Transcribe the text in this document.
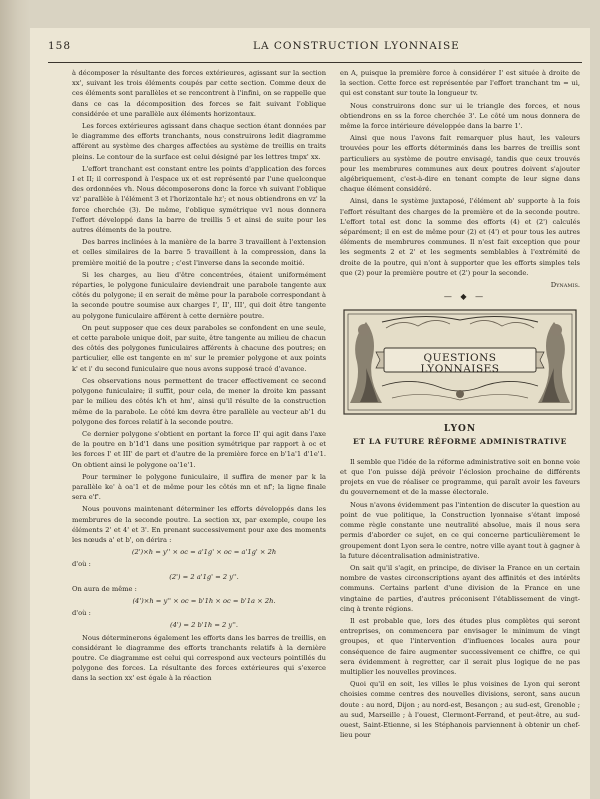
158	LA CONSTRUCTION LYONNAISE

à décomposer la résultante des forces extérieures, agissant sur la section xx', suivant les trois éléments coupés par cette section. Comme deux de ces éléments sont parallèles et se rencontrent à l'infini, on se rappelle que dans ce cas la décomposition des forces se fait suivant l'oblique considérée et une parallèle aux éléments horizontaux.

Les forces extérieures agissant dans chaque section étant données par le diagramme des efforts tranchants, nous construirons ledit diagramme afférent au système des charges affectées au système de treillis en traits pleins. Le contour de la surface est celui désigné par les lettres tmpx' xx.

L'effort tranchant est constant entre les points d'application des forces I et II; il correspond à l'espace ux et est représenté par l'une quelconque des ordonnées vh. Nous décomposerons donc la force vh suivant l'oblique vz' parallèle à l'élément 3 et l'horizontale hz'; et nous obtiendrons en vz' la force cherchée (3). De même, l'oblique symétrique vv1 nous donnera l'effort développé dans la barre de treillis 5 et ainsi de suite pour les autres éléments de la poutre.

Des barres inclinées à la manière de la barre 3 travaillent à l'extension et celles similaires de la barre 5 travaillent à la compression, dans la première moitié de la poutre ; c'est l'inverse dans la seconde moitié.

Si les charges, au lieu d'être concentrées, étaient uniformément réparties, le polygone funiculaire deviendrait une parabole tangente aux côtés du polygone; il en serait de même pour la parabole correspondant à la seconde poutre soumise aux charges I', II', III', qui doit être tangente au polygone funiculaire afférent à cette dernière poutre.

On peut supposer que ces deux paraboles se confondent en une seule, et cette parabole unique doit, par suite, être tangente au milieu de chacun des côtés des polygones funiculaires afférents à chacune des poutres; en particulier, elle est tangente en m' sur le premier polygone et aux points k' et i' du second funiculaire que nous avons supposé tracé d'avance.

Ces observations nous permettent de tracer effectivement ce second polygone funiculaire; il suffit, pour cela, de mener la droite km passant par le milieu des côtés k'h et hm', ainsi qu'il résulte de la construction même de la parabole. Le côté km devra être parallèle au vecteur ab'1 du polygone des forces relatif à la seconde poutre.

Ce dernier polygone s'obtient en portant la force II' qui agit dans l'axe de la poutre en b'1d'1 dans une position symétrique par rapport à oc et les forces I' et III' de part et d'autre de la première force en b'1a'1 d'1e'1. On obtient ainsi le polygone oa'1e'1.

Pour terminer le polygone funiculaire, il suffira de mener par k la parallèle ke' à oa'1 et de même pour les côtés mn et nf'; la ligne finale sera e'f'.

Nous pouvons maintenant déterminer les efforts développés dans les membrures de la seconde poutre. La section xx, par exemple, coupe les éléments 2' et 4' et 3'. En prenant successivement pour axe des moments les nœuds a' et b', on dérira :

(2')×h = y'' × oc = a'1g' × oc = a'1g' × 2h

d'où :

(2') = 2 a'1g' = 2 y''.

On aura de même :

(4')×h = y'' × oc = b'1h × oc = b'1a × 2h.

d'où :

(4') = 2 b'1h = 2 y''.

Nous déterminerons également les efforts dans les barres de treillis, en considérant le diagramme des efforts tranchants relatifs à la dernière poutre. Ce diagramme est celui qui correspond aux vecteurs pointillés du polygone des forces. La résultante des forces extérieures qui s'exerce dans la section xx' est égale à la réaction

en A, puisque la première force à considérer I' est située à droite de la section. Cette force est représentée par l'effort tranchant tm = ui, qui est constant sur toute la longueur tv.

Nous construirons donc sur ui le triangle des forces, et nous obtiendrons en ss la force cherchée 3'. Le côté um nous donnera de même la force intérieure développée dans la barre 1'.

Ainsi que nous l'avons fait remarquer plus haut, les valeurs trouvées pour les efforts déterminés dans les barres de treillis sont particuliers au système de poutre envisagé, tandis que ceux trouvés pour les membrures communes aux deux poutres doivent s'ajouter algébriquement, c'est-à-dire en tenant compte de leur signe dans chaque élément considéré.

Ainsi, dans le système juxtaposé, l'élément ab' supporte à la fois l'effort résultant des charges de la première et de la seconde poutre. L'effort total est donc la somme des efforts (4) et (2') calculés séparément; il en est de même pour (2) et (4') et pour tous les autres éléments de membrures communes. Il n'est fait exception que pour les segments 2 et 2' et les segments semblables à l'extrémité de droite de la poutre, qui n'ont à supporter que les efforts simples tels que (2) pour la première poutre et (2') pour la seconde.

Dynamis.

— ◆ —

QUESTIONS LYONNAISES
LYON
ET LA FUTURE RÉFORME ADMINISTRATIVE

Il semble que l'idée de la réforme administrative soit en bonne voie et que l'on puisse déjà prévoir l'éclosion prochaine de différents projets en vue de réaliser ce programme, qui paraît avoir les faveurs du gouvernement et de la masse électorale.

Nous n'avons évidemment pas l'intention de discuter la question au point de vue politique, la Construction lyonnaise s'étant imposé comme règle constante une neutralité absolue, mais il nous sera permis d'aborder ce sujet, en ce qui concerne particulièrement le groupement dont Lyon sera le centre, notre ville ayant tout à gagner à la future décentralisation administrative.

On sait qu'il s'agit, en principe, de diviser la France en un certain nombre de vastes circonscriptions ayant des affinités et des intérêts communs. Certains parlent d'une division de la France en une vingtaine de parties, d'autres préconisent l'établissement de vingt-cinq à trente régions.

Il est probable que, lors des études plus complètes qui seront entreprises, on commencera par envisager le minimum de vingt groupes, et que l'intervention d'influences locales aura pour conséquence de faire augmenter successivement ce chiffre, ce qui sera évidemment à regretter, car il serait plus logique de ne pas multiplier les nouvelles provinces.

Quoi qu'il en soit, les villes le plus voisines de Lyon qui seront choisies comme centres des nouvelles divisions, seront, sans aucun doute : au nord, Dijon ; au nord-est, Besançon ; au sud-est, Grenoble ; au sud, Marseille ; à l'ouest, Clermont-Ferrand, et peut-être, au sud-ouest, Saint-Etienne, si les Stéphanois parviennent à obtenir un chef-lieu pour
